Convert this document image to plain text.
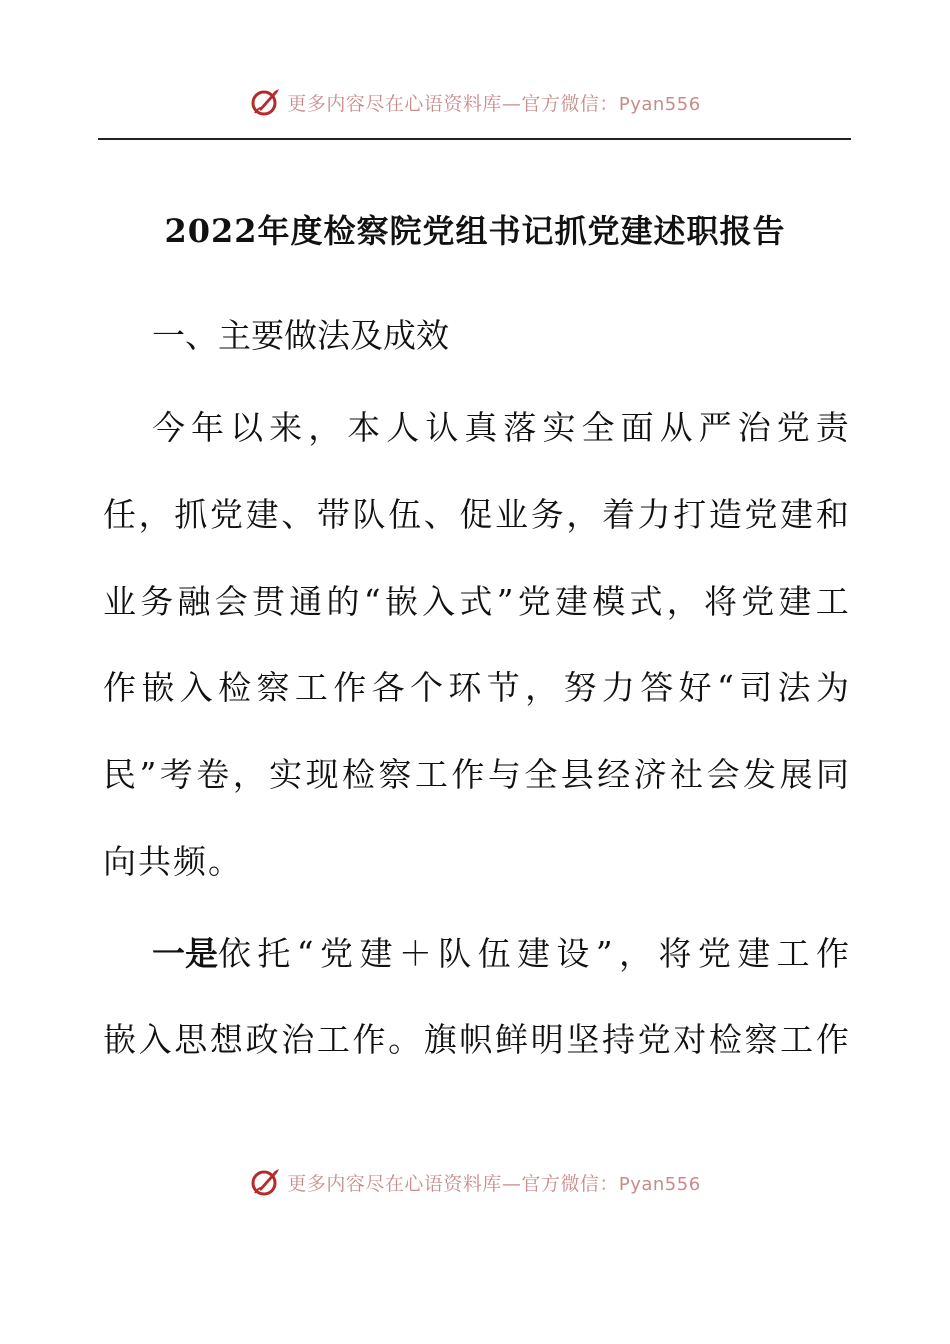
更多内容尽在心语资料库—官方微信：Pyan556
2022年度检察院党组书记抓党建述职报告
一、主要做法及成效
今 年 以 来 ， 本 人 认 真 落 实 全 面 从 严 治 党 责
任 ， 抓 党 建 、 带 队 伍 、 促 业 务 ， 着 力 打 造 党 建 和
业 务 融 会 贯 通 的 “ 嵌 入 式 ” 党 建 模 式 ， 将 党 建 工
作 嵌 入 检 察 工 作 各 个 环 节 ， 努 力 答 好 “ 司 法 为
民 ” 考 卷 ， 实 现 检 察 工 作 与 全 县 经 济 社 会 发 展 同
向共频。
一是 依 托 “ 党 建 ＋ 队 伍 建 设 ” ， 将 党 建 工 作
嵌 入 思 想 政 治 工 作 。 旗 帜 鲜 明 坚 持 党 对 检 察 工 作
更多内容尽在心语资料库—官方微信：Pyan556
